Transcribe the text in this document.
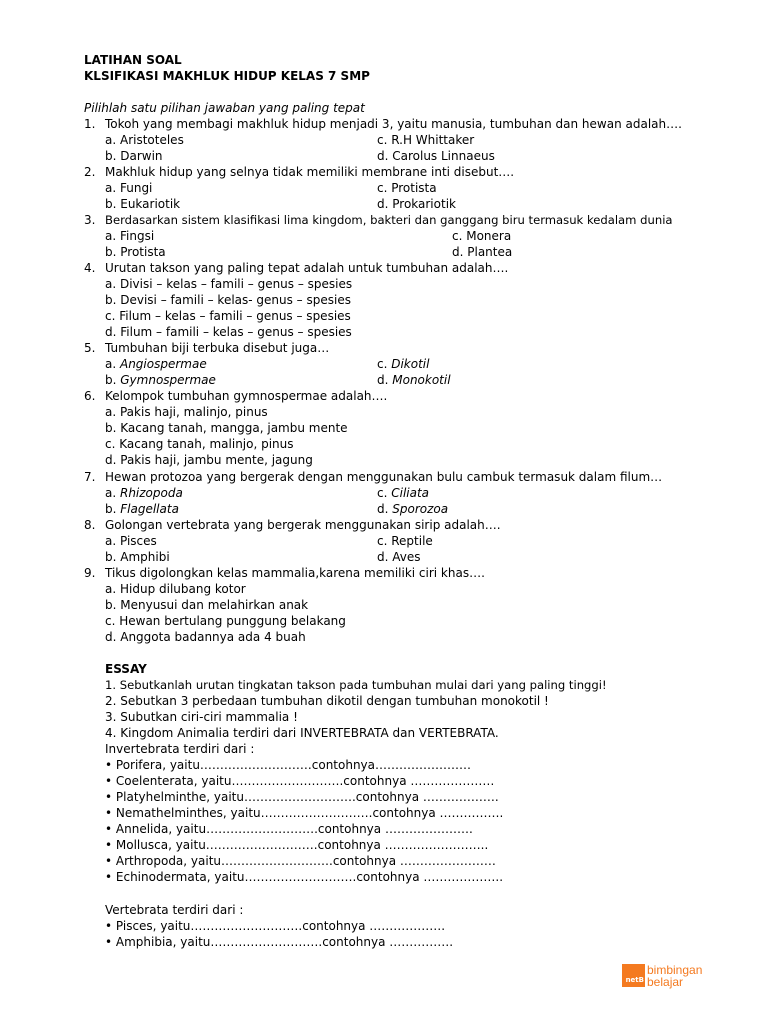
LATIHAN SOAL
KLSIFIKASI MAKHLUK HIDUP KELAS 7 SMP
Pilihlah satu pilihan jawaban yang paling tepat
1. Tokoh yang membagi makhluk hidup menjadi 3, yaitu manusia, tumbuhan dan hewan adalah….
a. Aristoteles	c. R.H Whittaker
b. Darwin	d. Carolus Linnaeus
2. Makhluk hidup yang selnya tidak memiliki membrane inti disebut….
a. Fungi	c. Protista
b. Eukariotik	d. Prokariotik
3. Berdasarkan sistem klasifikasi lima kingdom, bakteri dan ganggang biru termasuk kedalam dunia
a. Fingsi	c. Monera
b. Protista	d. Plantea
4. Urutan takson yang paling tepat adalah untuk tumbuhan adalah….
a. Divisi – kelas – famili – genus – spesies
b. Devisi – famili – kelas- genus – spesies
c. Filum – kelas – famili – genus – spesies
d. Filum – famili – kelas – genus – spesies
5. Tumbuhan biji terbuka disebut juga…
a. Angiospermae	c. Dikotil
b. Gymnospermae	d. Monokotil
6. Kelompok tumbuhan gymnospermae adalah….
a. Pakis haji, malinjo, pinus
b. Kacang tanah, mangga, jambu mente
c. Kacang tanah, malinjo, pinus
d. Pakis haji, jambu mente, jagung
7. Hewan protozoa yang bergerak dengan menggunakan bulu cambuk termasuk dalam filum…
a. Rhizopoda	c. Ciliata
b. Flagellata	d. Sporozoa
8. Golongan vertebrata yang bergerak menggunakan sirip adalah….
a. Pisces	c. Reptile
b. Amphibi	d. Aves
9. Tikus digolongkan kelas mammalia,karena memiliki ciri khas….
a. Hidup dilubang kotor
b. Menyusui dan melahirkan anak
c. Hewan bertulang punggung belakang
d. Anggota badannya ada 4 buah
ESSAY
1. Sebutkanlah urutan tingkatan takson pada tumbuhan mulai dari yang paling tinggi!
2. Sebutkan 3 perbedaan tumbuhan dikotil dengan tumbuhan monokotil !
3. Subutkan ciri-ciri mammalia !
4. Kingdom Animalia terdiri dari INVERTEBRATA dan VERTEBRATA.
Invertebrata terdiri dari :
• Porifera, yaitu……………………….contohnya……………………
• Coelenterata, yaitu……………………….contohnya …………………
• Platyhelminthe, yaitu……………………….contohnya ……………….
• Nemathelminthes, yaitu……………………….contohnya …………….
• Annelida, yaitu……………………….contohnya ………………….
• Mollusca, yaitu……………………….contohnya ……………………..
• Arthropoda, yaitu……………………….contohnya ……………………
• Echinodermata, yaitu……………………….contohnya ………………..
Vertebrata terdiri dari :
• Pisces, yaitu……………………….contohnya ……………….
• Amphibia, yaitu……………………….contohnya …………….
netB
bimbingan
belajar
